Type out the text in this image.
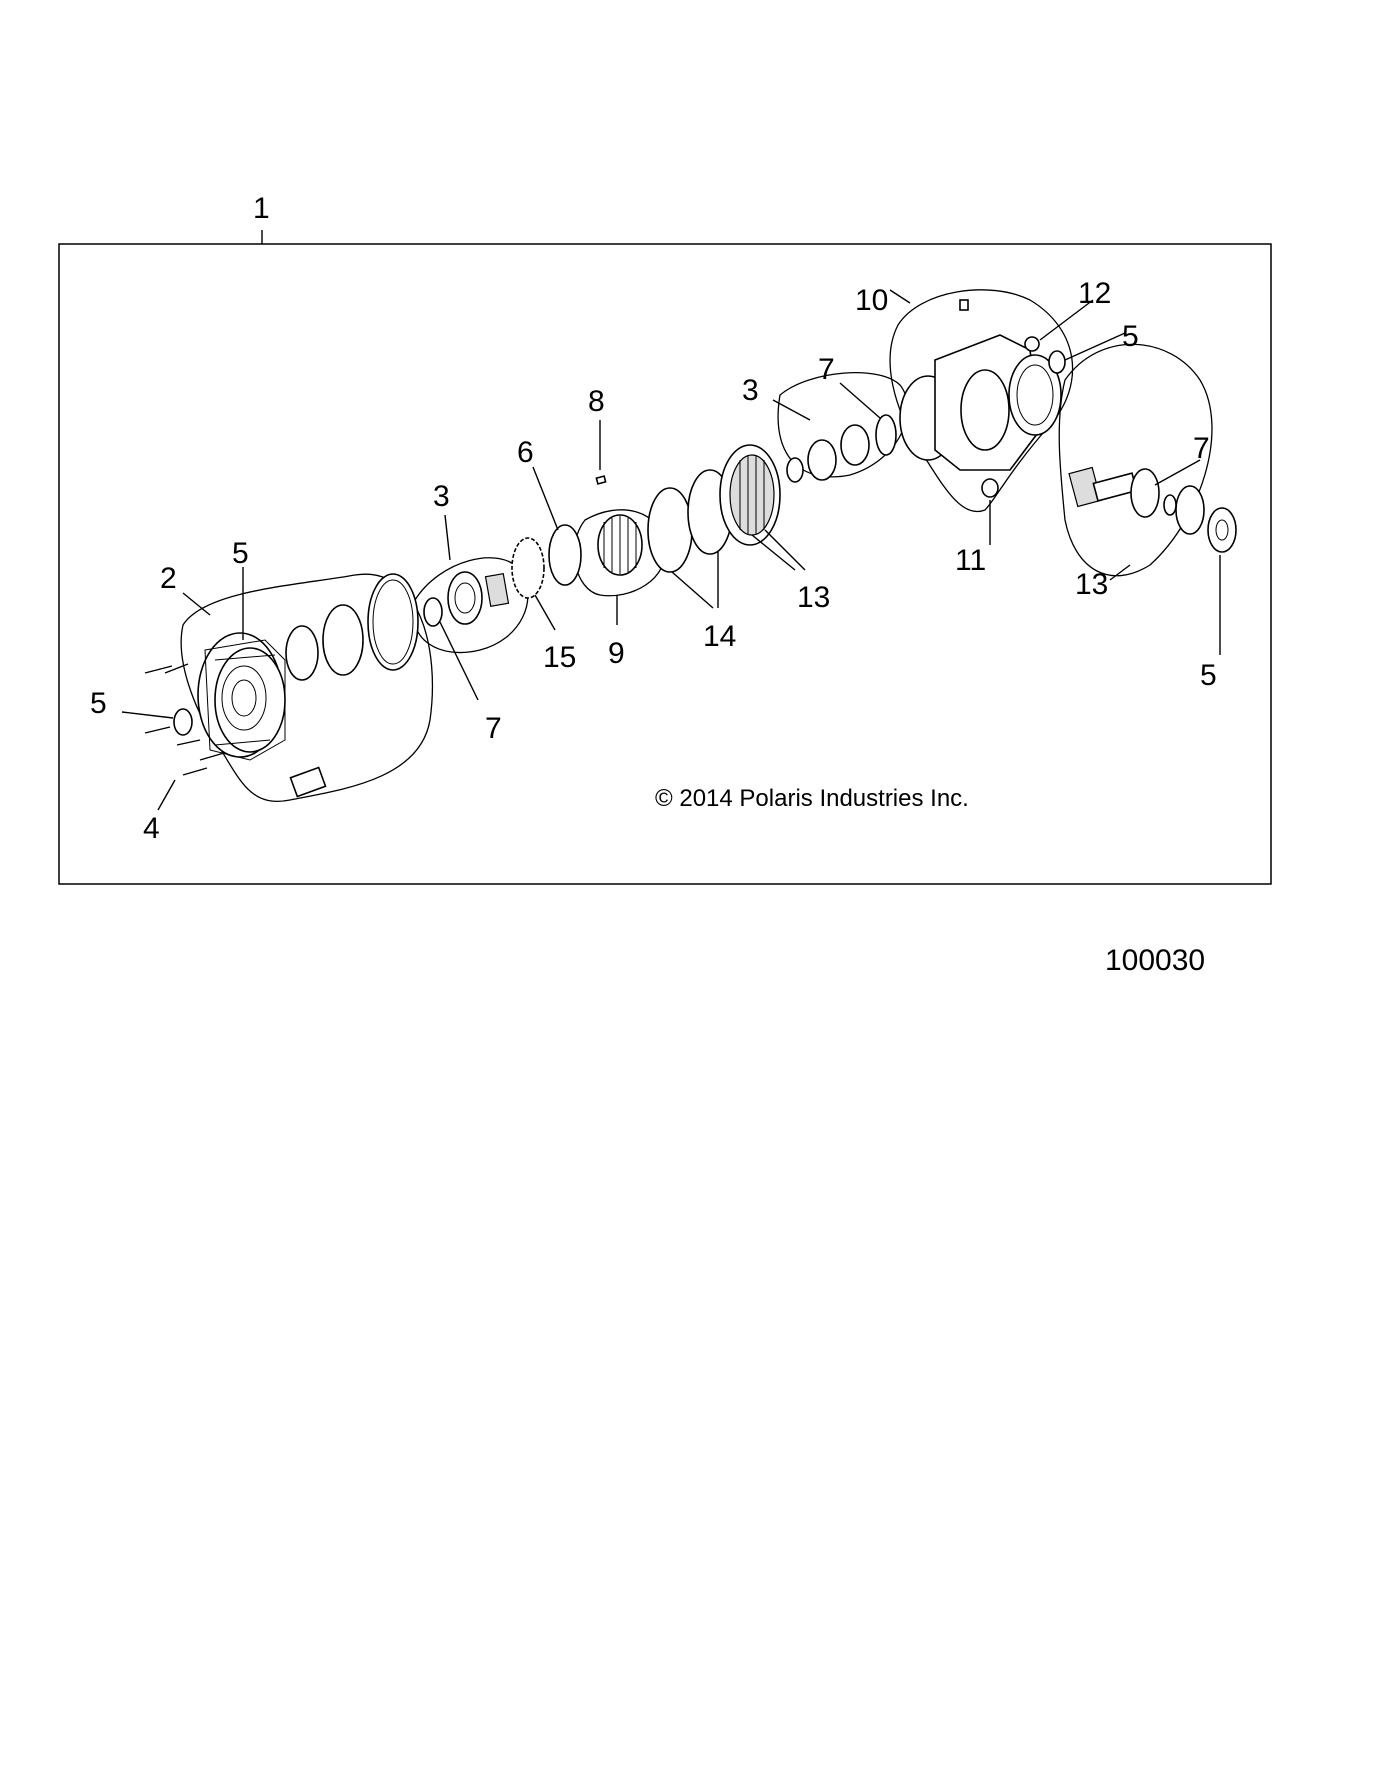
1
2
5
5
4
3
7
15
6
8
9
14
13
3
7
10	12
5
11
7
13
5
© 2014 Polaris Industries Inc.
100030
